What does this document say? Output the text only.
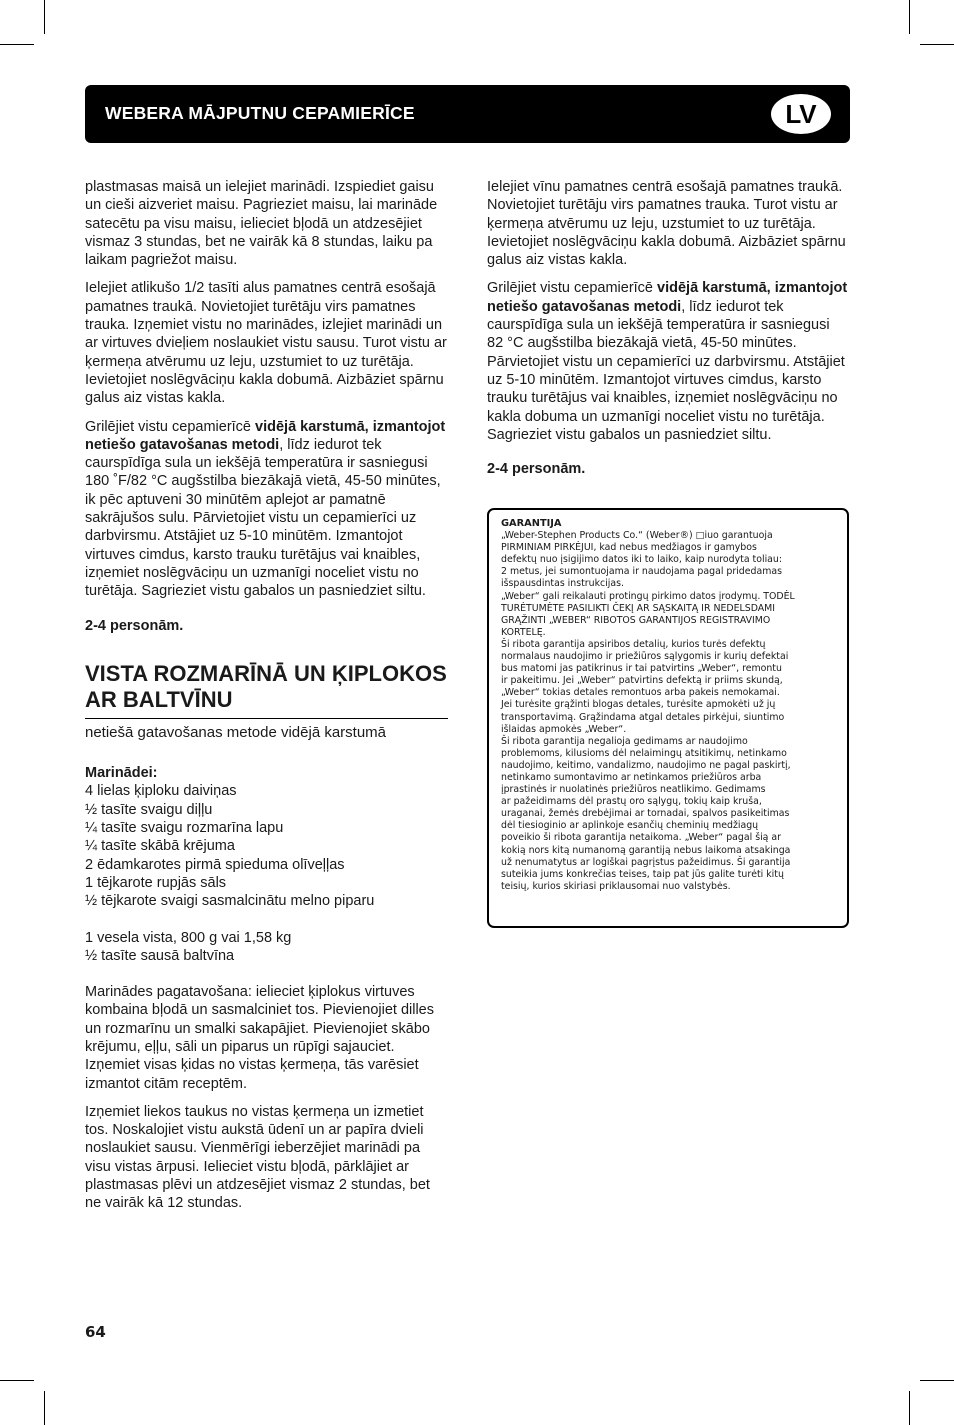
WEBERA MĀJPUTNU CEPAMIERĪCE	LV

plastmasas maisā un ielejiet marinādi. Izspiediet gaisu un cieši aizveriet maisu. Pagrieziet maisu, lai marināde satecētu pa visu maisu, ielieciet bļodā un atdzesējiet vismaz 3 stundas, bet ne vairāk kā 8 stundas, laiku pa laikam pagriežot maisu.

Ielejiet atlikušo 1/2 tasīti alus pamatnes centrā esošajā pamatnes traukā. Novietojiet turētāju virs pamatnes trauka. Izņemiet vistu no marinādes, izlejiet marinādi un ar virtuves dvieļiem noslaukiet vistu sausu. Turot vistu ar ķermeņa atvērumu uz leju, uzstumiet to uz turētāja. Ievietojiet noslēgvāciņu kakla dobumā. Aizbāziet spārnu galus aiz vistas kakla.

Grilējiet vistu cepamierīcē vidējā karstumā, izmantojot netiešo gatavošanas metodi, līdz iedurot tek caurspīdīga sula un iekšējā temperatūra ir sasniegusi 180 ˚F/82 °C augšstilba biezākajā vietā, 45-50 minūtes, ik pēc aptuveni 30 minūtēm aplejot ar pamatnē sakrājušos sulu. Pārvietojiet vistu un cepamierīci uz darbvirsmu. Atstājiet uz 5-10 minūtēm. Izmantojot virtuves cimdus, karsto trauku turētājus vai knaibles, izņemiet noslēgvāciņu un uzmanīgi noceliet vistu no turētāja. Sagrieziet vistu gabalos un pasniedziet siltu.

2-4 personām.

VISTA ROZMARĪNĀ UN ĶIPLOKOS AR BALTVĪNU
netiešā gatavošanas metode vidējā karstumā
Marinādei:
4 lielas ķiploku daiviņas
½ tasīte svaigu diļļu
¼ tasīte svaigu rozmarīna lapu
¼ tasīte skābā krējuma
2 ēdamkarotes pirmā spieduma olīveļļas
1 tējkarote rupjās sāls
½ tējkarote svaigi sasmalcinātu melno piparu
1 vesela vista, 800 g vai 1,58 kg
½ tasīte sausā baltvīna

Marinādes pagatavošana: ielieciet ķiplokus virtuves kombaina bļodā un sasmalciniet tos. Pievienojiet dilles un rozmarīnu un smalki sakapājiet. Pievienojiet skābo krējumu, eļļu, sāli un piparus un rūpīgi sajauciet. Izņemiet visas ķidas no vistas ķermeņa, tās varēsiet izmantot citām receptēm.

Izņemiet liekos taukus no vistas ķermeņa un izmetiet tos. Noskalojiet vistu aukstā ūdenī un ar papīra dvieli noslaukiet sausu. Vienmērīgi ieberzējiet marinādi pa visu vistas ārpusi. Ielieciet vistu bļodā, pārklājiet ar plastmasas plēvi un atdzesējiet vismaz 2 stundas, bet ne vairāk kā 12 stundas.

Ielejiet vīnu pamatnes centrā esošajā pamatnes traukā. Novietojiet turētāju virs pamatnes trauka. Turot vistu ar ķermeņa atvērumu uz leju, uzstumiet to uz turētāja. Ievietojiet noslēgvāciņu kakla dobumā. Aizbāziet spārnu galus aiz vistas kakla.

Grilējiet vistu cepamierīcē vidējā karstumā, izmantojot netiešo gatavošanas metodi, līdz iedurot tek caurspīdīga sula un iekšējā temperatūra ir sasniegusi 82 °C augšstilba biezākajā vietā, 45-50 minūtes. Pārvietojiet vistu un cepamierīci uz darbvirsmu. Atstājiet uz 5-10 minūtēm. Izmantojot virtuves cimdus, karsto trauku turētājus vai knaibles, izņemiet noslēgvāciņu no kakla dobuma un uzmanīgi noceliet vistu no turētāja. Sagrieziet vistu gabalos un pasniedziet siltu.

2-4 personām.

GARANTIJA

„Weber-Stephen Products Co.“ (Weber®) □iuo garantuoja

PIRMINIAM PIRKĖJUI, kad nebus medžiagos ir gamybos

defektų nuo įsigijimo datos iki to laiko, kaip nurodyta toliau:

2 metus, jei sumontuojama ir naudojama pagal pridedamas

išspausdintas instrukcijas.

„Weber“ gali reikalauti protingų pirkimo datos įrodymų. TODĖL

TURĖTUMĖTE PASILIKTI ČEKĮ AR SĄSKAITĄ IR NEDELSDAMI

GRĄŽINTI „WEBER“ RIBOTOS GARANTIJOS REGISTRAVIMO

KORTELĘ.

Ši ribota garantija apsiribos detalių, kurios turės defektų

normalaus naudojimo ir priežiūros sąlygomis ir kurių defektai

bus matomi jas patikrinus ir tai patvirtins „Weber“, remontu

ir pakeitimu. Jei „Weber“ patvirtins defektą ir priims skundą,

„Weber“ tokias detales remontuos arba pakeis nemokamai.

Jei turėsite grąžinti blogas detales, turėsite apmokėti už jų

transportavimą. Grąžindama atgal detales pirkėjui, siuntimo

išlaidas apmokės „Weber“.

Ši ribota garantija negalioja gedimams ar naudojimo

problemoms, kilusioms dėl nelaimingų atsitikimų, netinkamo

naudojimo, keitimo, vandalizmo, naudojimo ne pagal paskirtį,

netinkamo sumontavimo ar netinkamos priežiūros arba

įprastinės ir nuolatinės priežiūros neatlikimo. Gedimams

ar pažeidimams dėl prastų oro sąlygų, tokių kaip kruša,

uraganai, žemės drebėjimai ar tornadai, spalvos pasikeitimas

dėl tiesioginio ar aplinkoje esančių cheminių medžiagų

poveikio ši ribota garantija netaikoma. „Weber“ pagal šią ar

kokią nors kitą numanomą garantiją nebus laikoma atsakinga

už nenumatytus ar logiškai pagrįstus pažeidimus. Ši garantija

suteikia jums konkrečias teises, taip pat jūs galite turėti kitų

teisių, kurios skiriasi priklausomai nuo valstybės.

64
